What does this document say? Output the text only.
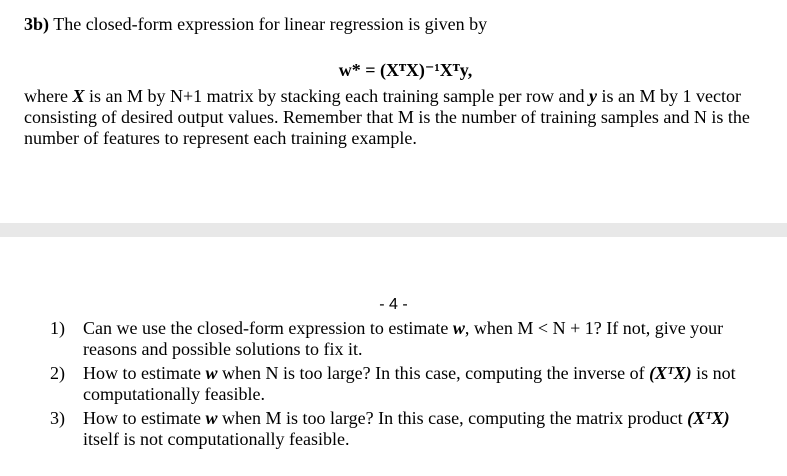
3b) The closed-form expression for linear regression is given by

w* = (XᵀX)⁻¹Xᵀy,

where X is an M by N+1 matrix by stacking each training sample per row and y is an M by 1 vector consisting of desired output values. Remember that M is the number of training samples and N is the number of features to represent each training example.

- 4 -
1) Can we use the closed-form expression to estimate w, when M < N + 1? If not, give your reasons and possible solutions to fix it.
2) How to estimate w when N is too large? In this case, computing the inverse of (XᵀX) is not computationally feasible.
3) How to estimate w when M is too large? In this case, computing the matrix product (XᵀX) itself is not computationally feasible.
